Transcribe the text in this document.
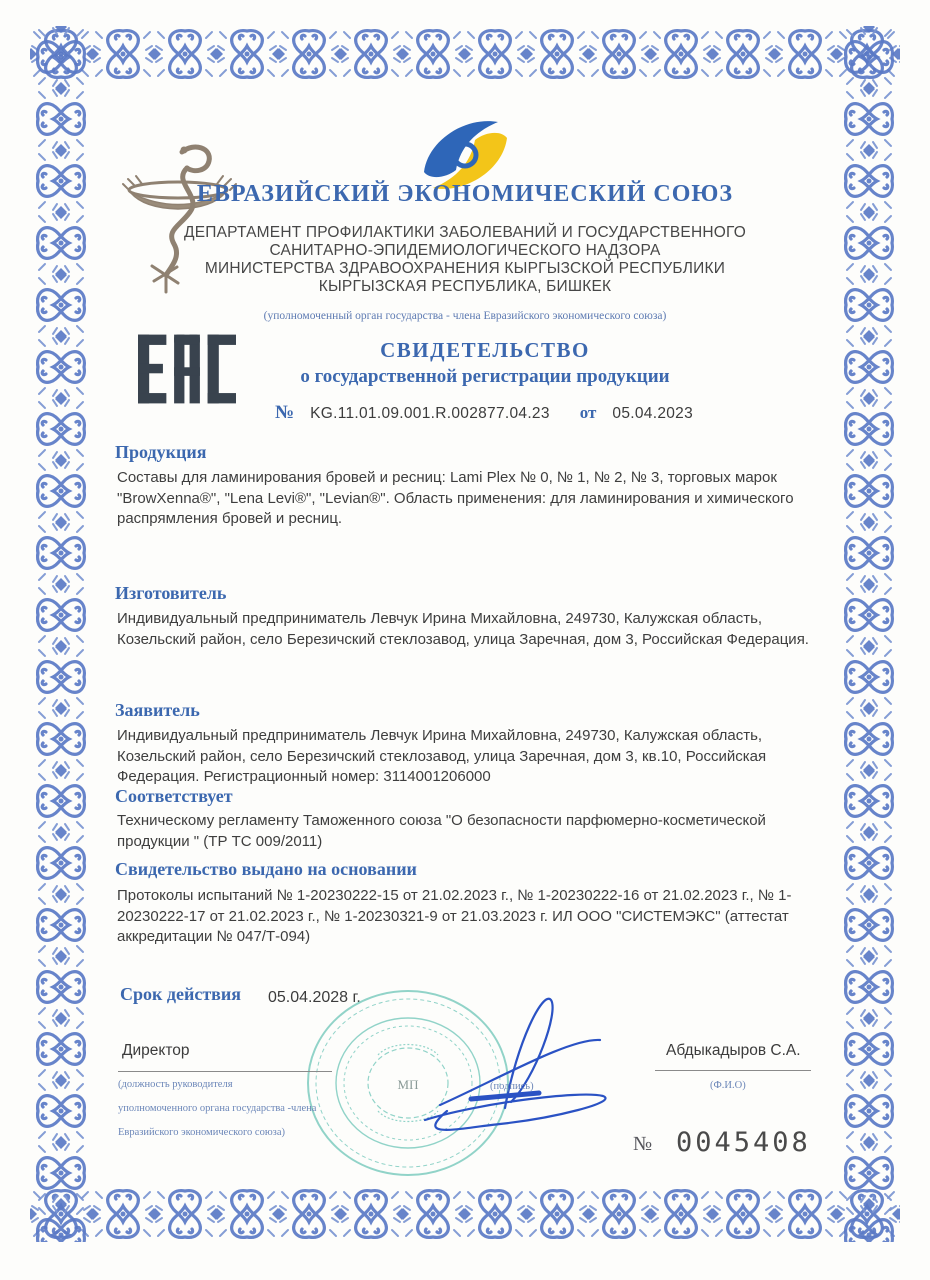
ЕВРАЗИЙСКИЙ ЭКОНОМИЧЕСКИЙ СОЮЗ
ДЕПАРТАМЕНТ ПРОФИЛАКТИКИ ЗАБОЛЕВАНИЙ И ГОСУДАРСТВЕННОГО
САНИТАРНО-ЭПИДЕМИОЛОГИЧЕСКОГО НАДЗОРА
МИНИСТЕРСТВА ЗДРАВООХРАНЕНИЯ КЫРГЫЗСКОЙ РЕСПУБЛИКИ
КЫРГЫЗСКАЯ РЕСПУБЛИКА, БИШКЕК
(уполномоченный орган государства - члена Евразийского экономического союза)
СВИДЕТЕЛЬСТВО
о государственной регистрации продукции
№ KG.11.01.09.001.R.002877.04.23 от 05.04.2023
Продукция
Составы для ламинирования бровей и ресниц: Lami Plex № 0, № 1, № 2, № 3, торговых марок "BrowXenna®", "Lena Levi®", "Levian®". Область применения: для ламинирования и химического распрямления бровей и ресниц.
Изготовитель
Индивидуальный предприниматель Левчук Ирина Михайловна, 249730, Калужская область, Козельский район, село Березичский стеклозавод, улица Заречная, дом 3, Российская Федерация.
Заявитель
Индивидуальный предприниматель Левчук Ирина Михайловна, 249730, Калужская область, Козельский район, село Березичский стеклозавод, улица Заречная, дом 3, кв.10, Российская Федерация. Регистрационный номер: 3114001206000
Соответствует
Техническому регламенту Таможенного союза "О безопасности парфюмерно-косметической продукции " (ТР ТС 009/2011)
Свидетельство выдано на основании
Протоколы испытаний № 1-20230222-15 от 21.02.2023 г., № 1-20230222-16 от 21.02.2023 г., № 1-20230222-17 от 21.02.2023 г., № 1-20230321-9 от 21.03.2023 г. ИЛ ООО "СИСТЕМЭКС" (аттестат аккредитации № 047/Т-094)
Срок действия 05.04.2028 г.
МП
Директор
(должность руководителя
уполномоченного органа государства -члена
Евразийского экономического союза)
(подпись)
Абдыкадыров С.А.
(Ф.И.О)
№ 0045408
